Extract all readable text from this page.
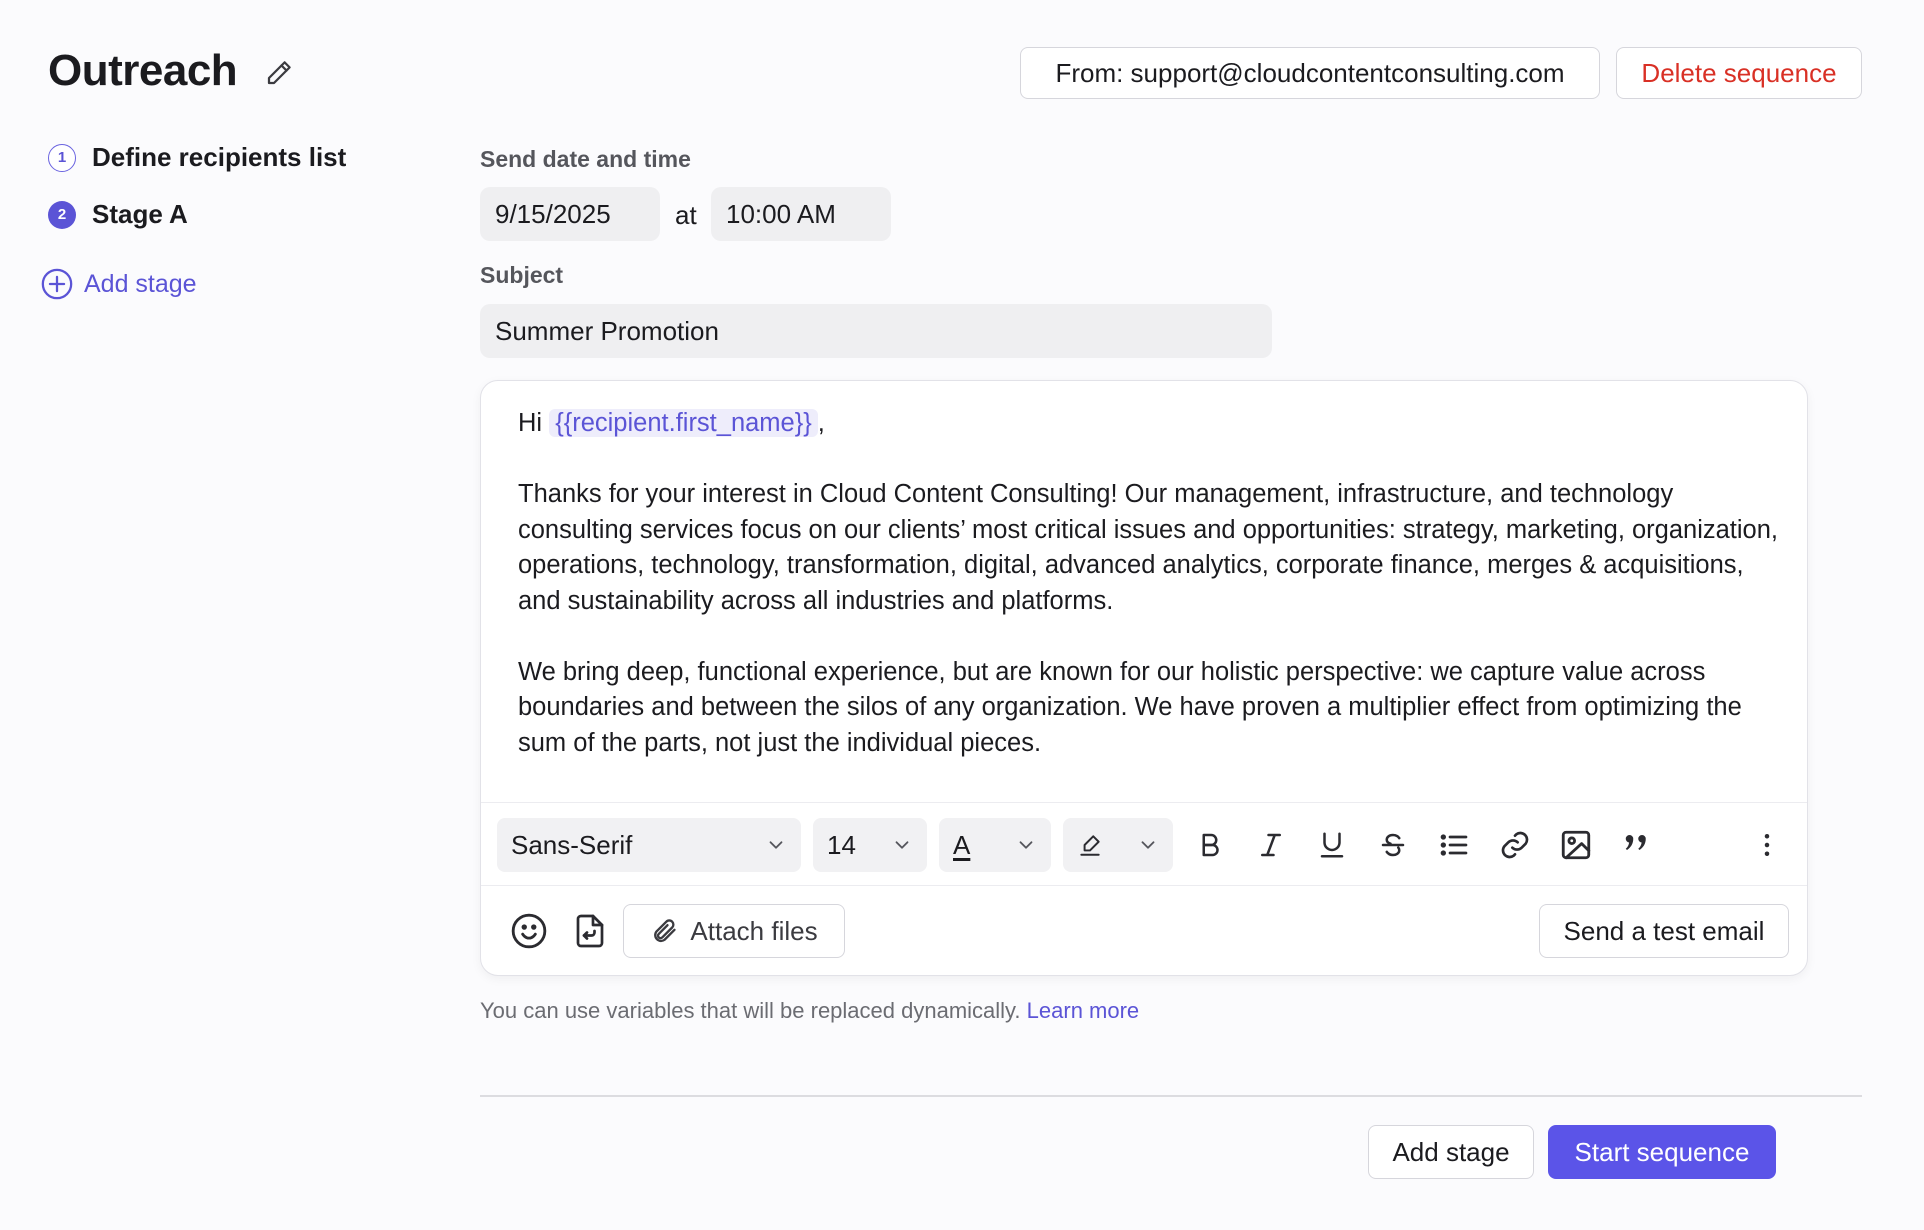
Outreach	From: support@cloudcontentconsulting.com	Delete sequence
1 Define recipients list
2 Stage A
Add stage
Send date and time
9/15/2025	at	10:00 AM
Subject
Summer Promotion

Hi {{recipient.first_name}} ,

Thanks for your interest in Cloud Content Consulting! Our management, infrastructure, and technology consulting services focus on our clients’ most critical issues and opportunities: strategy, marketing, organization, operations, technology, transformation, digital, advanced analytics, corporate finance, merges & acquisitions, and sustainability across all industries and platforms.

We bring deep, functional experience, but are known for our holistic perspective: we capture value across boundaries and between the silos of any organization. We have proven a multiplier effect from optimizing the sum of the parts, not just the individual pieces.

Sans-Serif	14	A
Attach files	Send a test email
You can use variables that will be replaced dynamically. Learn more
Add stage	Start sequence
